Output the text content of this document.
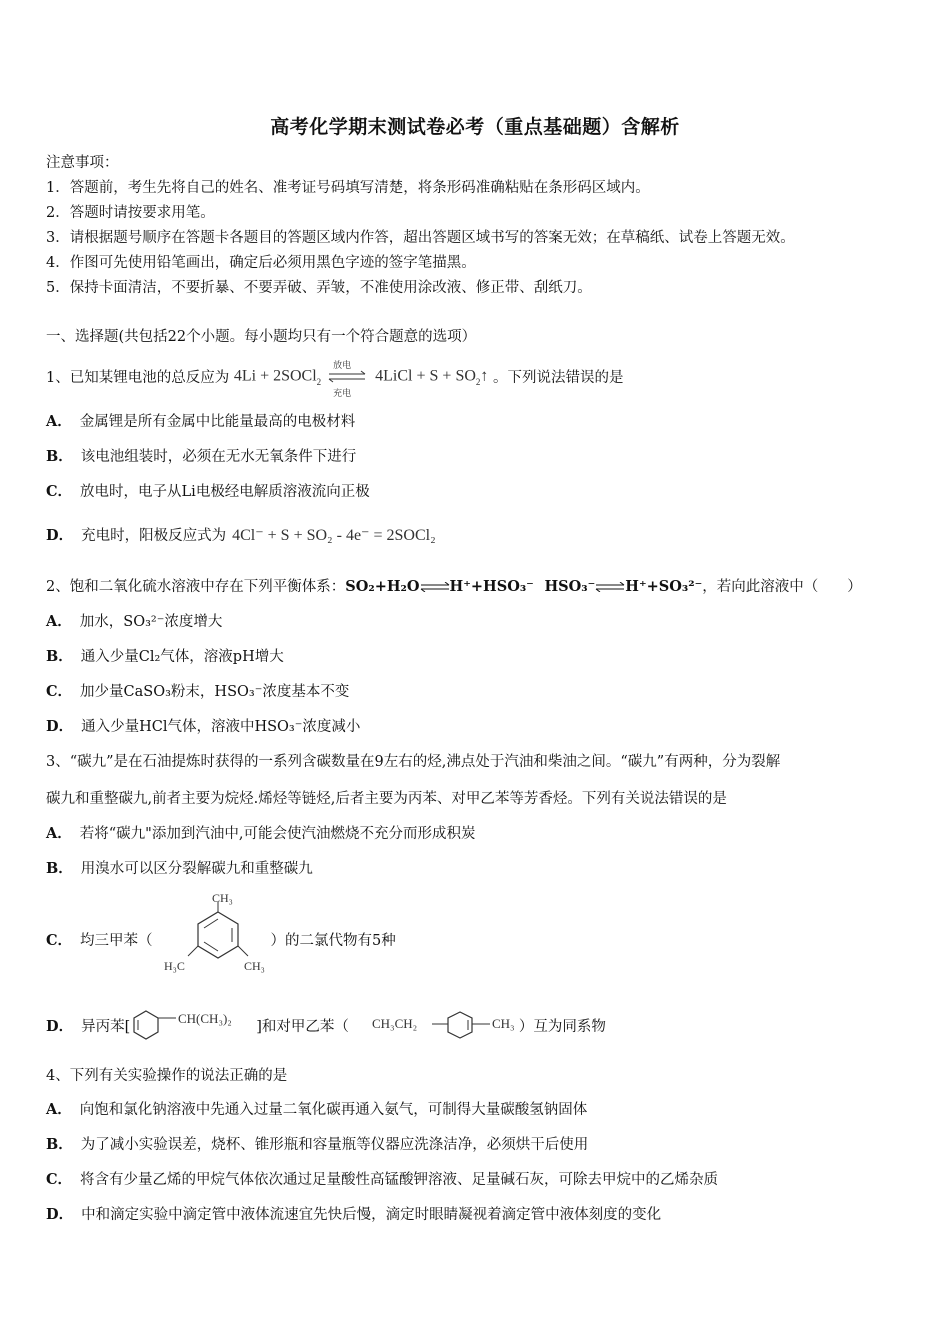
高考化学期末测试卷必考（重点基础题）含解析
注意事项：
1．答题前，考生先将自己的姓名、准考证号码填写清楚，将条形码准确粘贴在条形码区域内。
2．答题时请按要求用笔。
3．请根据题号顺序在答题卡各题目的答题区域内作答，超出答题区域书写的答案无效；在草稿纸、试卷上答题无效。
4．作图可先使用铅笔画出，确定后必须用黑色字迹的签字笔描黑。
5．保持卡面清洁，不要折暴、不要弄破、弄皱，不准使用涂改液、修正带、刮纸刀。
一、选择题(共包括22个小题。每小题均只有一个符合题意的选项）
1、已知某锂电池的总反应为 4Li + 2SOCl$_2$
放电
充电
4LiCl + $S + SO_2↑$ 。下列说法错误的是
A． 金属锂是所有金属中比能量最高的电极材料
B． 该电池组装时，必须在无水无氧条件下进行
C． 放电时，电子从Li电极经电解质溶液流向正极
D． 充电时，阳极反应式为 4Cl⁻ + S + SO₂ - 4e⁻ = 2SOCl₂
2、饱和二氧化硫水溶液中存在下列平衡体系：SO₂+H₂O⇌H⁺+HSO₃⁻ HSO₃⁻⇌H⁺+SO₃²⁻，若向此溶液中（　　）
A． 加水，SO₃²⁻浓度增大
B． 通入少量Cl₂气体，溶液pH增大
C． 加少量CaSO₃粉末，HSO₃⁻浓度基本不变
D． 通入少量HCl气体，溶液中HSO₃⁻浓度减小
3、“碳九”是在石油提炼时获得的一系列含碳数量在9左右的烃,沸点处于汽油和柴油之间。“碳九”有两种，分为裂解
碳九和重整碳九,前者主要为烷烃.烯烃等链烃,后者主要为丙苯、对甲乙苯等芳香烃。下列有关说法错误的是
A． 若将“碳九"添加到汽油中,可能会使汽油燃烧不充分而形成积炭
B． 用溴水可以区分裂解碳九和重整碳九
C． 均三甲苯（	）的二氯代物有5种
CH₃
H₃C	CH₃
D． 异丙苯[	]和对甲乙苯（	）互为同系物
CH(CH₃)₂	CH₃CH₂	CH₃
4、下列有关实验操作的说法正确的是
A． 向饱和氯化钠溶液中先通入过量二氧化碳再通入氨气，可制得大量碳酸氢钠固体
B． 为了减小实验误差，烧杯、锥形瓶和容量瓶等仪器应洗涤洁净，必须烘干后使用
C． 将含有少量乙烯的甲烷气体依次通过足量酸性高锰酸钾溶液、足量碱石灰，可除去甲烷中的乙烯杂质
D． 中和滴定实验中滴定管中液体流速宜先快后慢，滴定时眼睛凝视着滴定管中液体刻度的变化
